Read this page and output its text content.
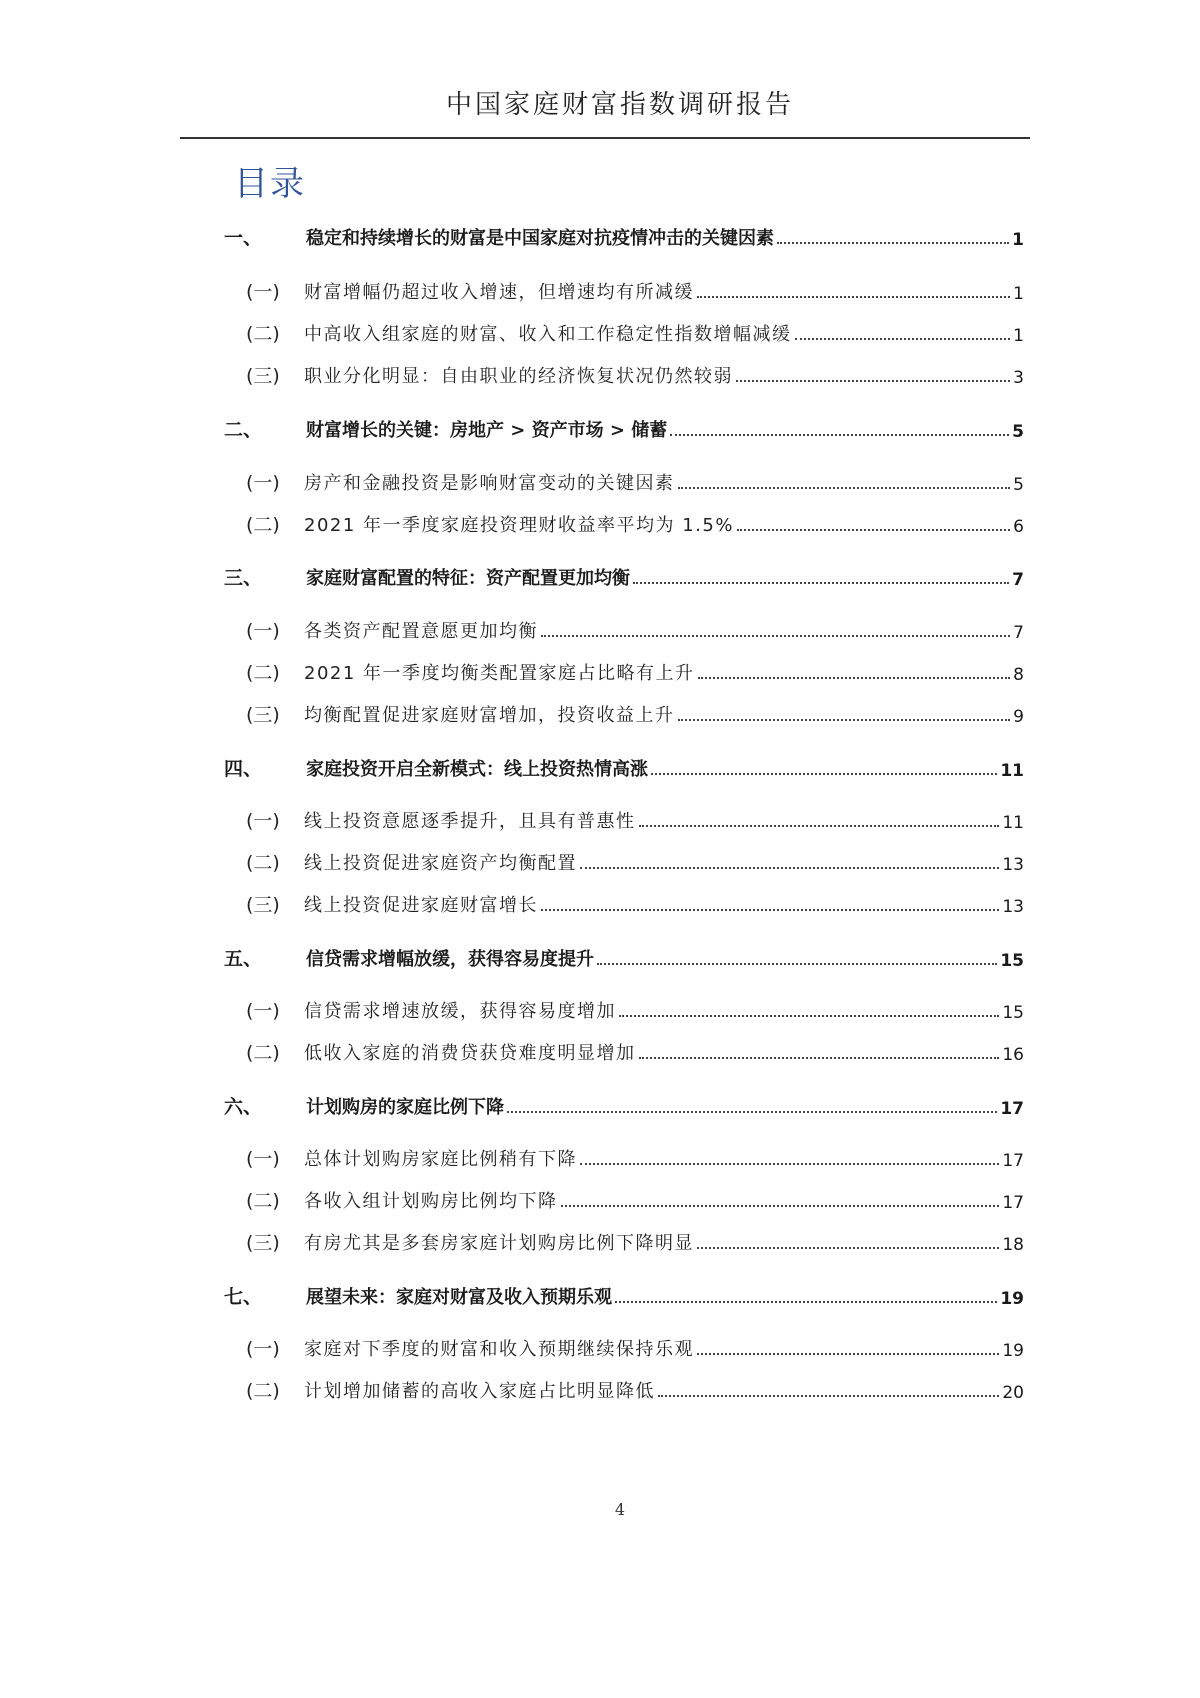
中国家庭财富指数调研报告
目录
一、	稳定和持续增长的财富是中国家庭对抗疫情冲击的关键因素	1
(一)	财富增幅仍超过收入增速，但增速均有所减缓	1
(二)	中高收入组家庭的财富、收入和工作稳定性指数增幅减缓	1
(三)	职业分化明显：自由职业的经济恢复状况仍然较弱	3
二、	财富增长的关键：房地产 > 资产市场 > 储蓄	5
(一)	房产和金融投资是影响财富变动的关键因素	5
(二)	2021 年一季度家庭投资理财收益率平均为 1.5%	6
三、	家庭财富配置的特征：资产配置更加均衡	7
(一)	各类资产配置意愿更加均衡	7
(二)	2021 年一季度均衡类配置家庭占比略有上升	8
(三)	均衡配置促进家庭财富增加，投资收益上升	9
四、	家庭投资开启全新模式：线上投资热情高涨	11
(一)	线上投资意愿逐季提升，且具有普惠性	11
(二)	线上投资促进家庭资产均衡配置	13
(三)	线上投资促进家庭财富增长	13
五、	信贷需求增幅放缓，获得容易度提升	15
(一)	信贷需求增速放缓，获得容易度增加	15
(二)	低收入家庭的消费贷获贷难度明显增加	16
六、	计划购房的家庭比例下降	17
(一)	总体计划购房家庭比例稍有下降	17
(二)	各收入组计划购房比例均下降	17
(三)	有房尤其是多套房家庭计划购房比例下降明显	18
七、	展望未来：家庭对财富及收入预期乐观	19
(一)	家庭对下季度的财富和收入预期继续保持乐观	19
(二)	计划增加储蓄的高收入家庭占比明显降低	20
4
